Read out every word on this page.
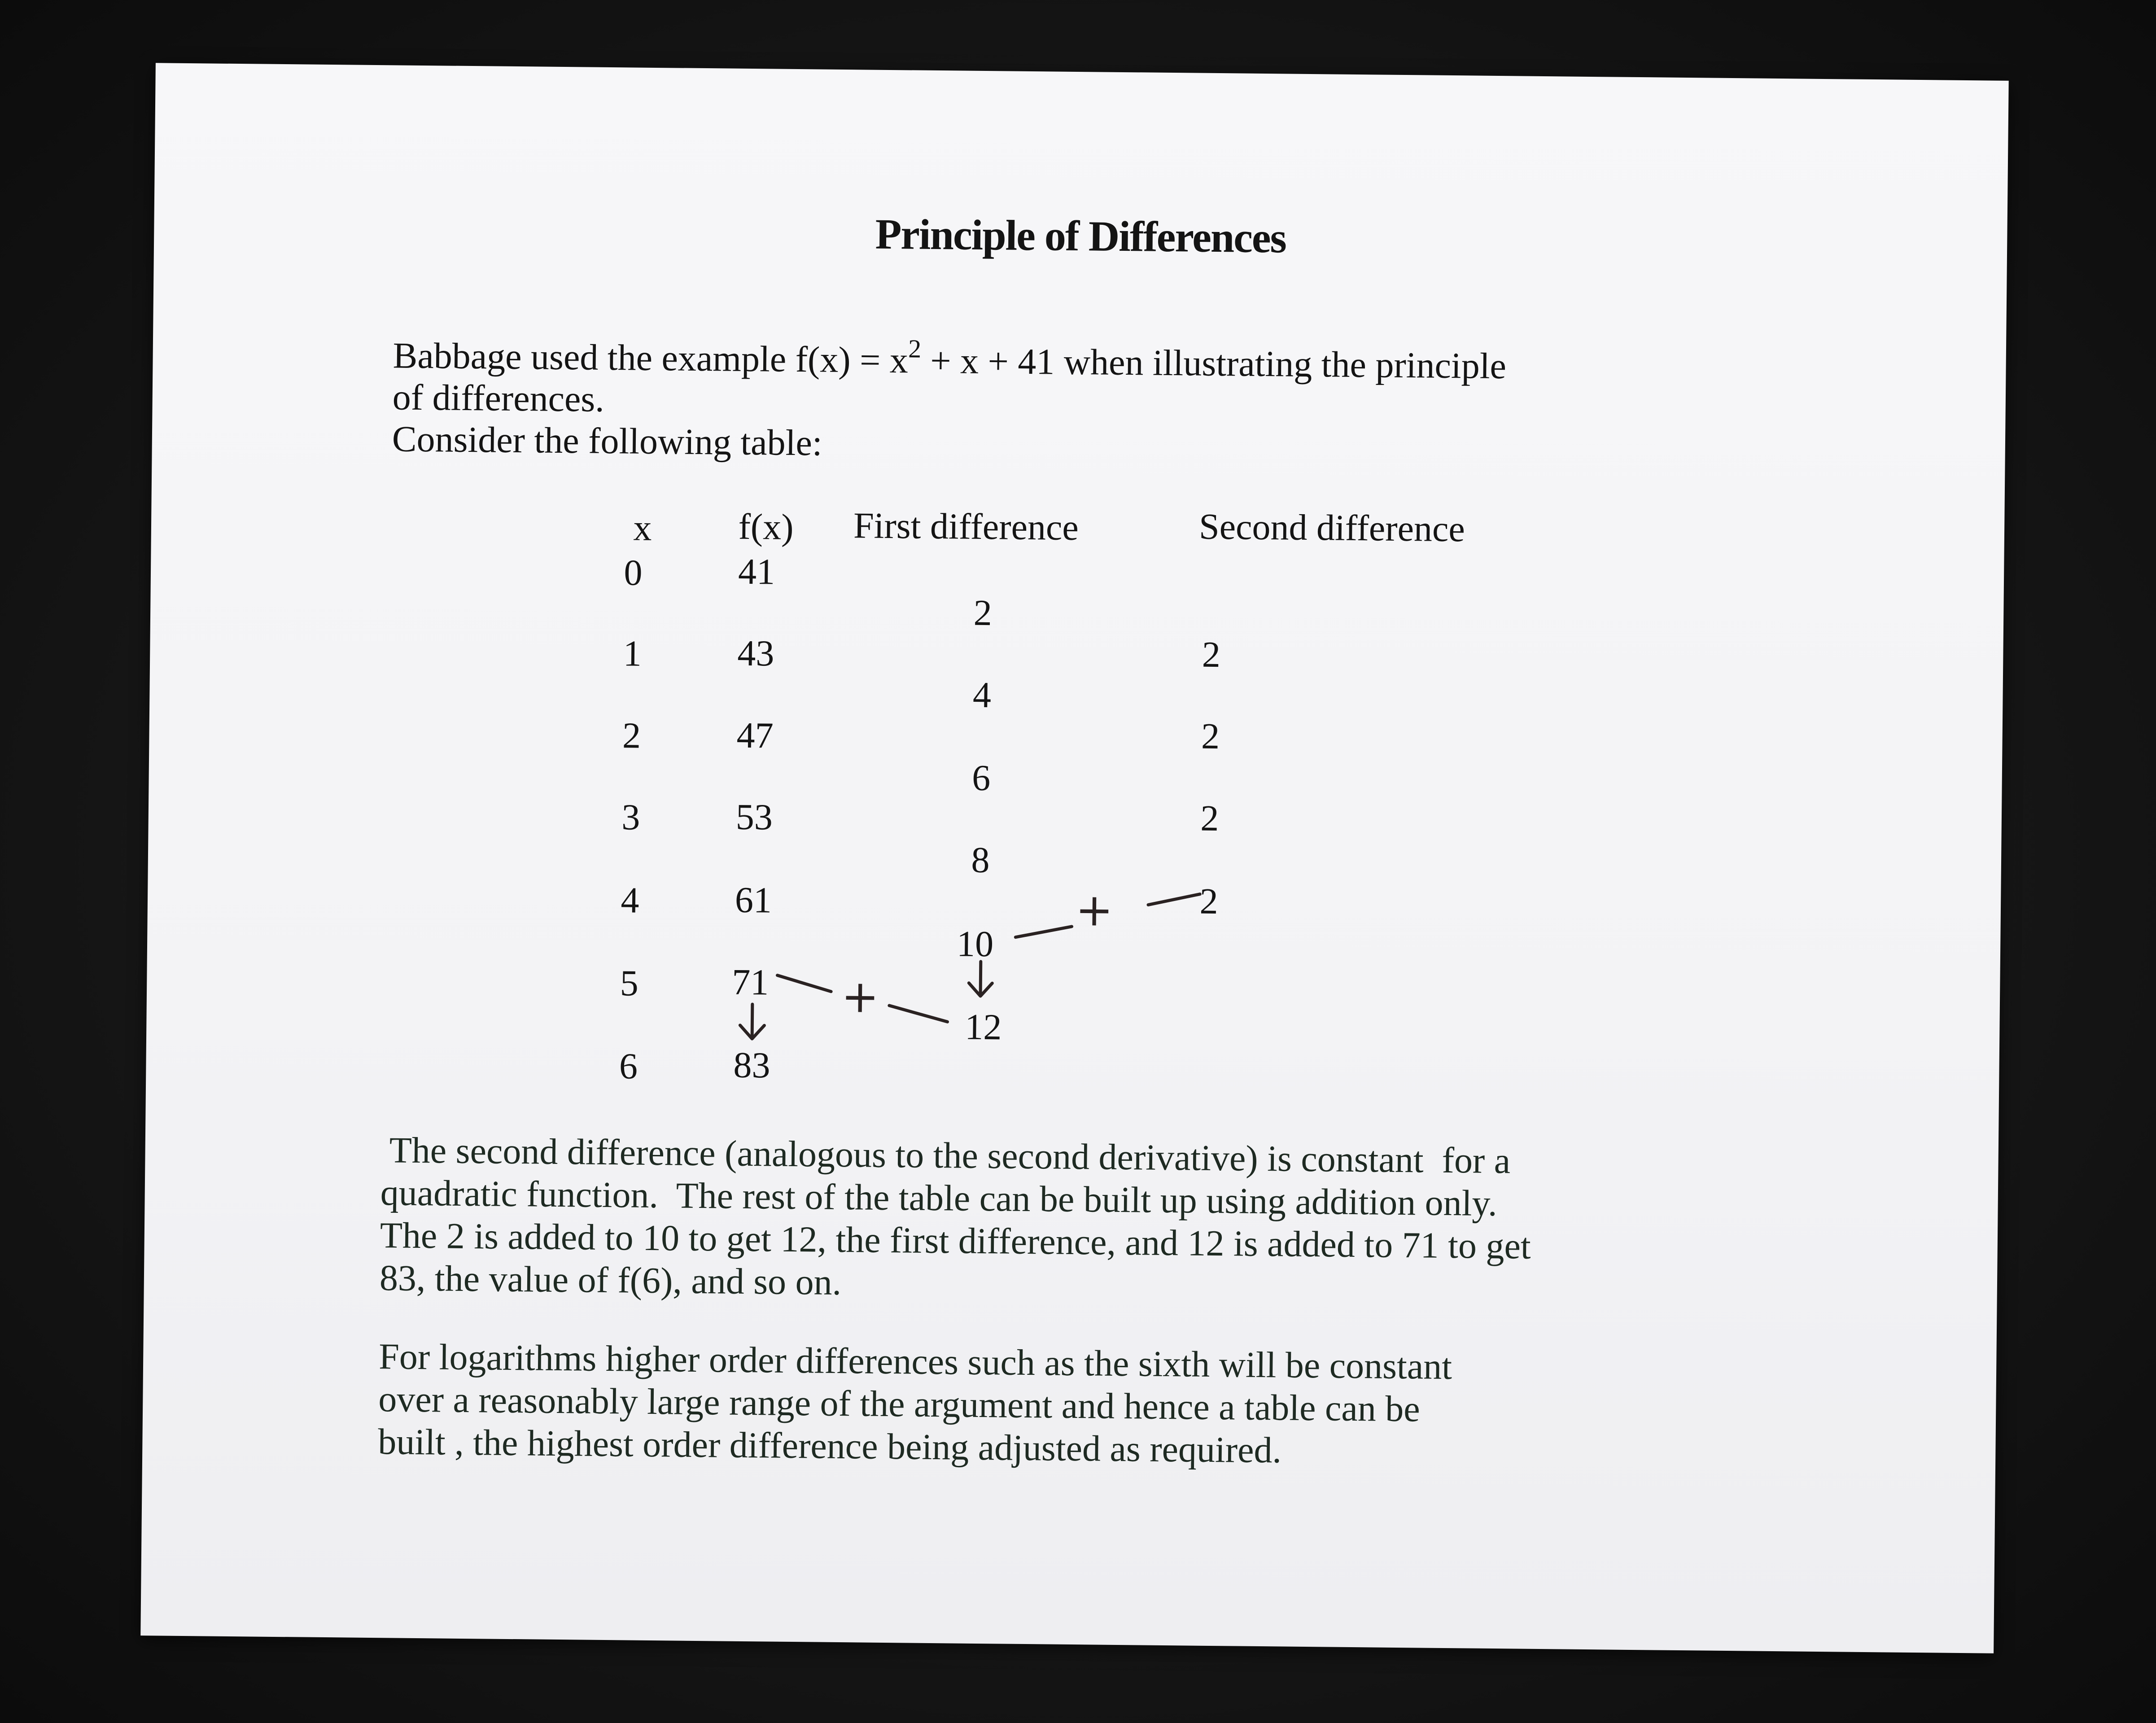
Principle of Differences
Babbage used the example $f(x) = x^2 + x + 41$ when illustrating the principle
of differences.
Consider the following table:
x f(x) First difference	Second difference
0
1
2
3
4
5
6
41
43
47
53
61
71
83
2
4
6
8
10
12
2
2
2
2
+
+
The second difference (analogous to the second derivative) is constant  for a
quadratic function.  The rest of the table can be built up using addition only.
The 2 is added to 10 to get 12, the first difference, and 12 is added to 71 to get
83, the value of f(6), and so on.
For logarithms higher order differences such as the sixth will be constant
over a reasonably large range of the argument and hence a table can be
built , the highest order difference being adjusted as required.
